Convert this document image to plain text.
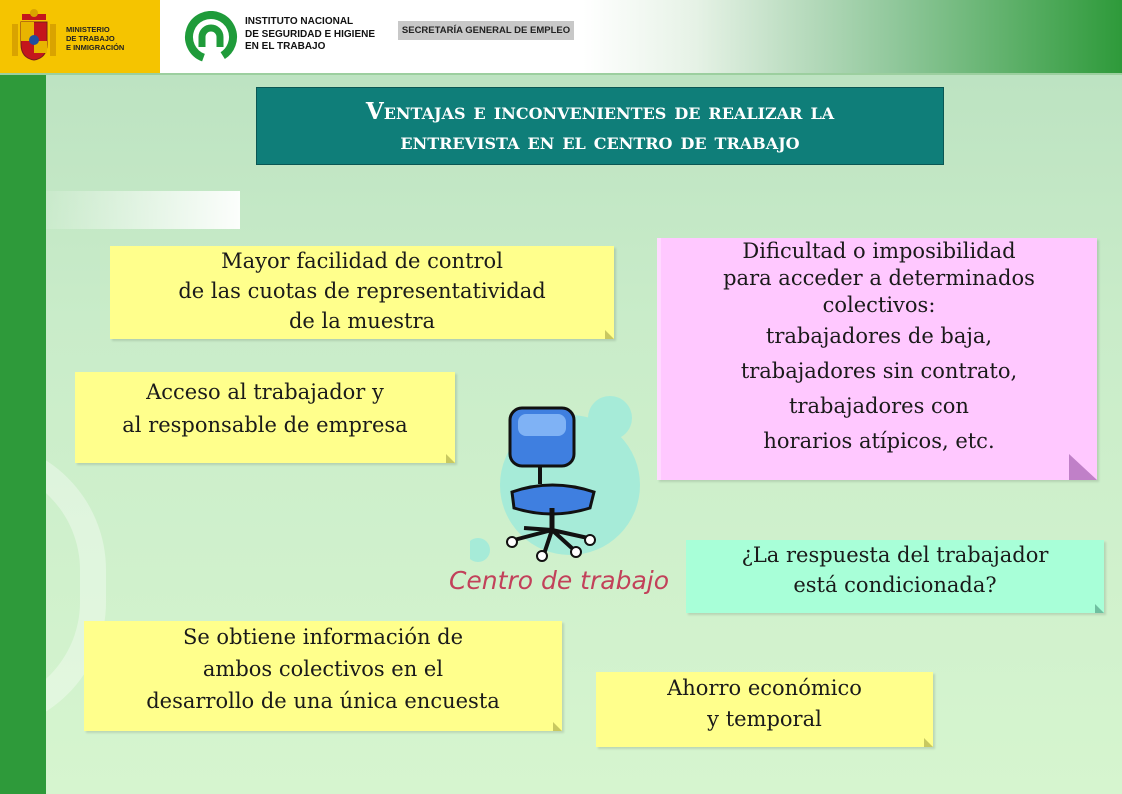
MINISTERIO
DE TRABAJO
E INMIGRACIÓN
INSTITUTO NACIONAL
DE SEGURIDAD E HIGIENE
EN EL TRABAJO
SECRETARÍA GENERAL DE EMPLEO
Ventajas e inconvenientes de realizar la
entrevista en el centro de trabajo
Mayor facilidad de control
de las cuotas de representatividad
de la muestra
Acceso al trabajador y
al responsable de empresa
Dificultad o imposibilidad
para acceder a determinados
colectivos:
trabajadores de baja,
trabajadores sin contrato,
trabajadores con
horarios atípicos, etc.
Centro de trabajo
¿La respuesta del trabajador
está condicionada?
Se obtiene información de
ambos colectivos en el
desarrollo de una única encuesta
Ahorro económico
y temporal
